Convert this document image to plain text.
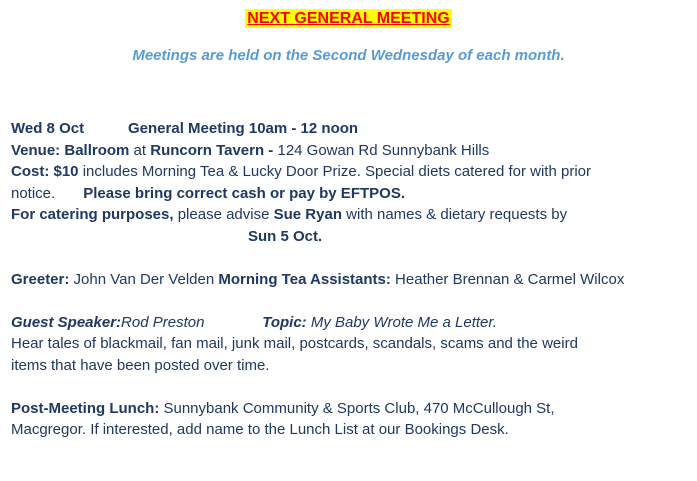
NEXT GENERAL MEETING
Meetings are held on the Second Wednesday of each month.
Wed 8 Oct	General Meeting 10am - 12 noon
Venue: Ballroom at Runcorn Tavern - 124 Gowan Rd Sunnybank Hills
Cost: $10 includes Morning Tea & Lucky Door Prize. Special diets catered for with prior
notice. Please bring correct cash or pay by EFTPOS.
For catering purposes, please advise Sue Ryan with names & dietary requests by
Sun 5 Oct.
Greeter: John Van Der Velden Morning Tea Assistants: Heather Brennan & Carmel Wilcox
Guest Speaker:Rod Preston	Topic: My Baby Wrote Me a Letter.
Hear tales of blackmail, fan mail, junk mail, postcards, scandals, scams and the weird
items that have been posted over time.
Post-Meeting Lunch: Sunnybank Community & Sports Club, 470 McCullough St,
Macgregor. If interested, add name to the Lunch List at our Bookings Desk.
